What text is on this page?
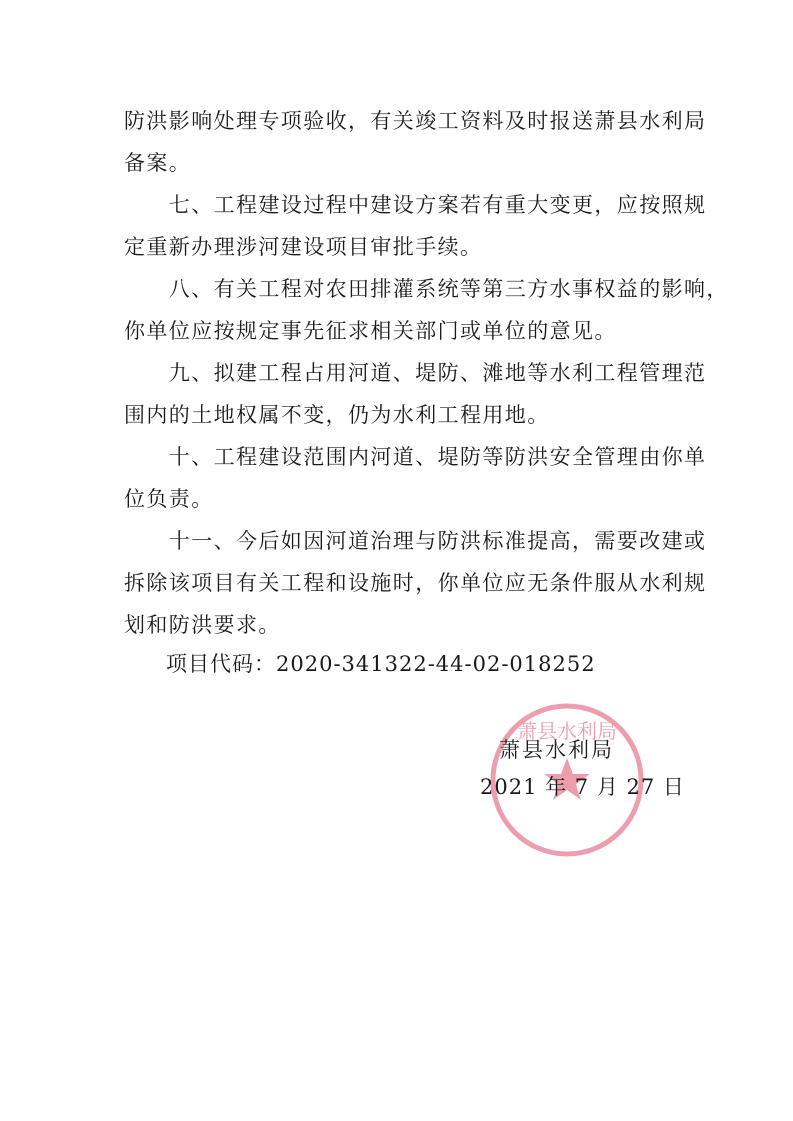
防洪影响处理专项验收，有关竣工资料及时报送萧县水利局
备案。
　　七、工程建设过程中建设方案若有重大变更，应按照规
定重新办理涉河建设项目审批手续。
　　八、有关工程对农田排灌系统等第三方水事权益的影响，
你单位应按规定事先征求相关部门或单位的意见。
　　九、拟建工程占用河道、堤防、滩地等水利工程管理范
围内的土地权属不变，仍为水利工程用地。
　　十、工程建设范围内河道、堤防等防洪安全管理由你单
位负责。
　　十一、今后如因河道治理与防洪标准提高，需要改建或
拆除该项目有关工程和设施时，你单位应无条件服从水利规
划和防洪要求。
项目代码：2020-341322-44-02-018252
萧县水利局
萧县水利局
2021 年 7 月 27 日
